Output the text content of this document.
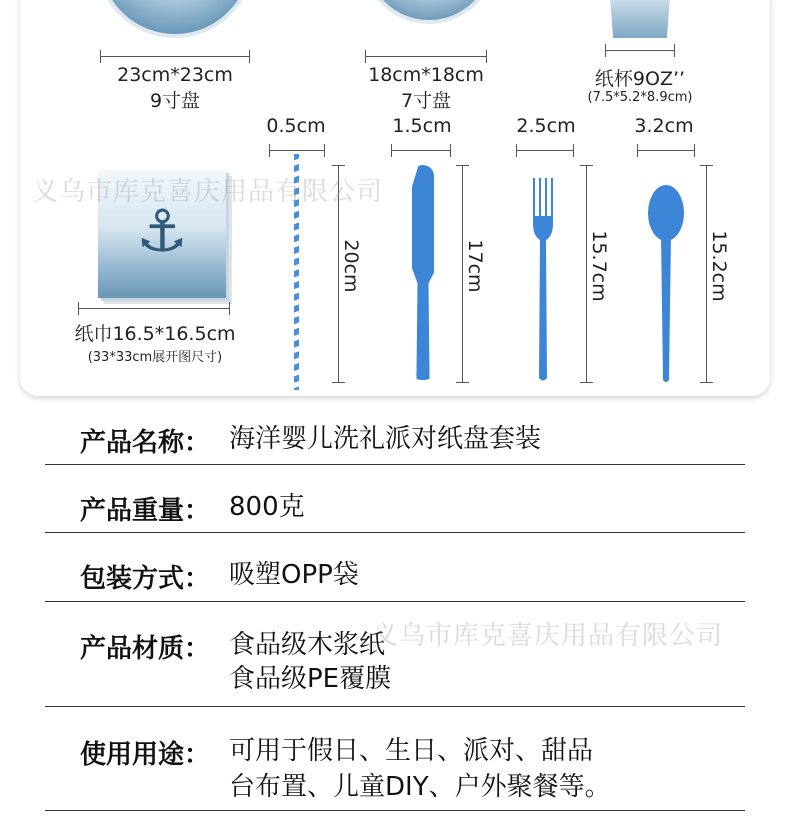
23cm*23cm
9寸盘
18cm*18cm
7寸盘
纸杯9OZ’’
(7.5*5.2*8.9cm)
⚓
纸巾16.5*16.5cm
(33*33cm展开图尺寸)
0.5cm
20cm
1.5cm
17cm
2.5cm
15.7cm
3.2cm
15.2cm
义乌市库克喜庆用品有限公司
产品名称： 海洋婴儿洗礼派对纸盘套装
产品重量： 800克
包装方式： 吸塑OPP袋
产品材质： 食品级木浆纸
食品级PE覆膜
使用用途： 可用于假日、生日、派对、甜品
台布置、儿童DIY、户外聚餐等。
义乌市库克喜庆用品有限公司
